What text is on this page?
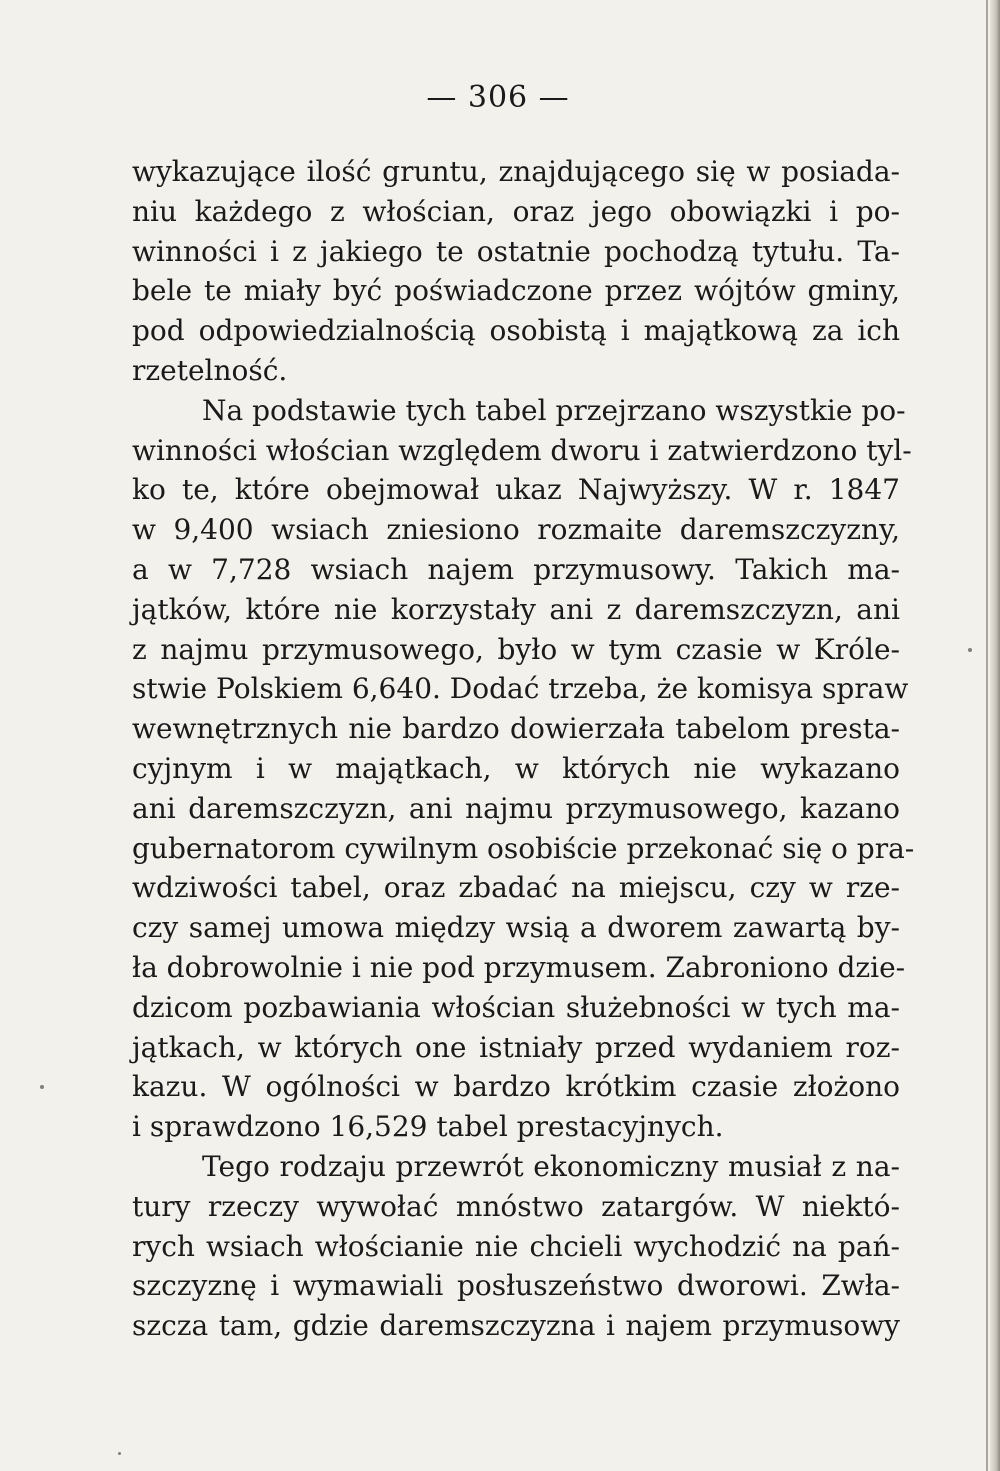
— 306 —
wykazujące ilość gruntu, znajdującego się w posiada-
niu każdego z włościan, oraz jego obowiązki i po-
winności i z jakiego te ostatnie pochodzą tytułu. Ta-
bele te miały być poświadczone przez wójtów gminy,
pod odpowiedzialnością osobistą i majątkową za ich
rzetelność.
Na podstawie tych tabel przejrzano wszystkie po-
winności włościan względem dworu i zatwierdzono tyl-
ko te, które obejmował ukaz Najwyższy. W r. 1847
w 9,400 wsiach zniesiono rozmaite daremszczyzny,
a w 7,728 wsiach najem przymusowy. Takich ma-
jątków, które nie korzystały ani z daremszczyzn, ani
z najmu przymusowego, było w tym czasie w Króle-
stwie Polskiem 6,640. Dodać trzeba, że komisya spraw
wewnętrznych nie bardzo dowierzała tabelom presta-
cyjnym i w majątkach, w których nie wykazano
ani daremszczyzn, ani najmu przymusowego, kazano
gubernatorom cywilnym osobiście przekonać się o pra-
wdziwości tabel, oraz zbadać na miejscu, czy w rze-
czy samej umowa między wsią a dworem zawartą by-
ła dobrowolnie i nie pod przymusem. Zabroniono dzie-
dzicom pozbawiania włościan służebności w tych ma-
jątkach, w których one istniały przed wydaniem roz-
kazu. W ogólności w bardzo krótkim czasie złożono
i sprawdzono 16,529 tabel prestacyjnych.
Tego rodzaju przewrót ekonomiczny musiał z na-
tury rzeczy wywołać mnóstwo zatargów. W niektó-
rych wsiach włościanie nie chcieli wychodzić na pań-
szczyznę i wymawiali posłuszeństwo dworowi. Zwła-
szcza tam, gdzie daremszczyzna i najem przymusowy
